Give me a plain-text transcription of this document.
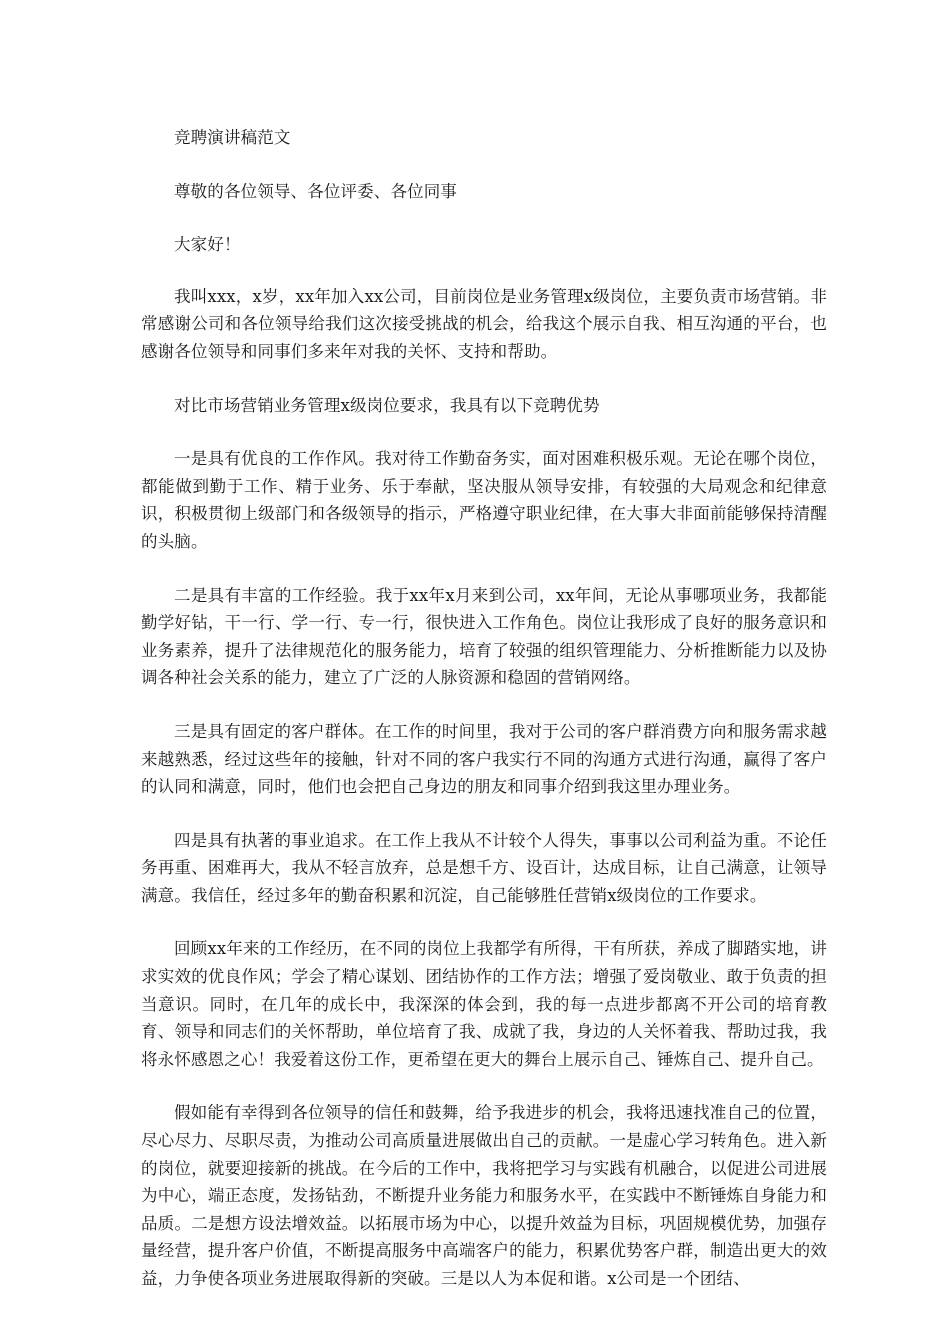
竞聘演讲稿范文

尊敬的各位领导、各位评委、各位同事

大家好！

我叫xxx，x岁，xx年加入xx公司，目前岗位是业务管理x级岗位，主要负责市场营销。非常感谢公司和各位领导给我们这次接受挑战的机会，给我这个展示自我、相互沟通的平台，也感谢各位领导和同事们多来年对我的关怀、支持和帮助。

对比市场营销业务管理x级岗位要求，我具有以下竞聘优势

一是具有优良的工作作风。我对待工作勤奋务实，面对困难积极乐观。无论在哪个岗位，都能做到勤于工作、精于业务、乐于奉献，坚决服从领导安排，有较强的大局观念和纪律意识，积极贯彻上级部门和各级领导的指示，严格遵守职业纪律，在大事大非面前能够保持清醒的头脑。

二是具有丰富的工作经验。我于xx年x月来到公司，xx年间，无论从事哪项业务，我都能勤学好钻，干一行、学一行、专一行，很快进入工作角色。岗位让我形成了良好的服务意识和业务素养，提升了法律规范化的服务能力，培育了较强的组织管理能力、分析推断能力以及协调各种社会关系的能力，建立了广泛的人脉资源和稳固的营销网络。

三是具有固定的客户群体。在工作的时间里，我对于公司的客户群消费方向和服务需求越来越熟悉，经过这些年的接触，针对不同的客户我实行不同的沟通方式进行沟通，赢得了客户的认同和满意，同时，他们也会把自己身边的朋友和同事介绍到我这里办理业务。

四是具有执著的事业追求。在工作上我从不计较个人得失，事事以公司利益为重。不论任务再重、困难再大，我从不轻言放弃，总是想千方、设百计，达成目标，让自己满意，让领导满意。我信任，经过多年的勤奋积累和沉淀，自己能够胜任营销x级岗位的工作要求。

回顾xx年来的工作经历，在不同的岗位上我都学有所得，干有所获，养成了脚踏实地，讲求实效的优良作风；学会了精心谋划、团结协作的工作方法；增强了爱岗敬业、敢于负责的担当意识。同时，在几年的成长中，我深深的体会到，我的每一点进步都离不开公司的培育教育、领导和同志们的关怀帮助，单位培育了我、成就了我，身边的人关怀着我、帮助过我，我将永怀感恩之心！我爱着这份工作，更希望在更大的舞台上展示自己、锤炼自己、提升自己。

假如能有幸得到各位领导的信任和鼓舞，给予我进步的机会，我将迅速找准自己的位置，尽心尽力、尽职尽责，为推动公司高质量进展做出自己的贡献。一是虚心学习转角色。进入新的岗位，就要迎接新的挑战。在今后的工作中，我将把学习与实践有机融合，以促进公司进展为中心，端正态度，发扬钻劲，不断提升业务能力和服务水平，在实践中不断锤炼自身能力和品质。二是想方设法增效益。以拓展市场为中心，以提升效益为目标，巩固规模优势，加强存量经营，提升客户价值，不断提高服务中高端客户的能力，积累优势客户群，制造出更大的效益，力争使各项业务进展取得新的突破。三是以人为本促和谐。x公司是一个团结、
